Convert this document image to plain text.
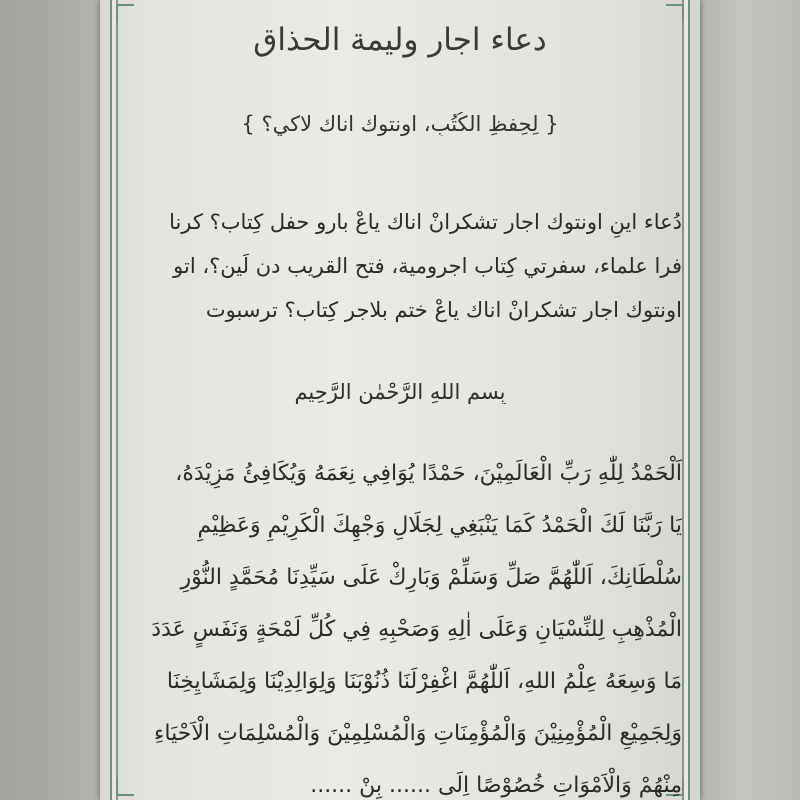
دعاء اجار وليمة الحذاق
{ لِحِفظِ الكُتُبِ، اونتوك اناك لاكي؟ }
دُعاء اينِ اونتوك اجار تشكرانْ اناك ياعْ بارو حفل كِتاب؟ كرنا
فرا علماء، سفرتي كِتاب اجرومية، فتح القريب دن لَين؟، اتو
اونتوك اجار تشكرانْ اناك ياعْ ختم بلاجر كِتاب؟ ترسبوت
بِسمِ اللهِ الرَّحْمٰنِ الرَّحِيمِ
اَلْحَمْدُ لِلّٰهِ رَبِّ الْعَالَمِيْنَ، حَمْدًا يُوَافِي نِعَمَهُ وَيُكَافِئُ مَزِيْدَهُ،
يَا رَبَّنَا لَكَ الْحَمْدُ كَمَا يَنْبَغِي لِجَلَالِ وَجْهِكَ الْكَرِيْمِ وَعَظِيْمِ
سُلْطَانِكَ، اَللّٰهُمَّ صَلِّ وَسَلِّمْ وَبَارِكْ عَلَى سَيِّدِنَا مُحَمَّدٍ النُّوْرِ
الْمُذْهِبِ لِلنِّسْيَانِ وَعَلَى اٰلِهِ وَصَحْبِهِ فِي كُلِّ لَمْحَةٍ وَنَفَسٍ عَدَدَ
مَا وَسِعَهُ عِلْمُ اللهِ، اَللّٰهُمَّ اغْفِرْلَنَا ذُنُوْبَنَا وَلِوَالِدِيْنَا وَلِمَشَايِخِنَا
وَلِجَمِيْعِ الْمُؤْمِنِيْنَ وَالْمُؤْمِنَاتِ وَالْمُسْلِمِيْنَ وَالْمُسْلِمَاتِ الْاَحْيَاءِ
مِنْهُمْ وَالْاَمْوَاتِ خُصُوْصًا اِلَى ...... بِنْ ......
